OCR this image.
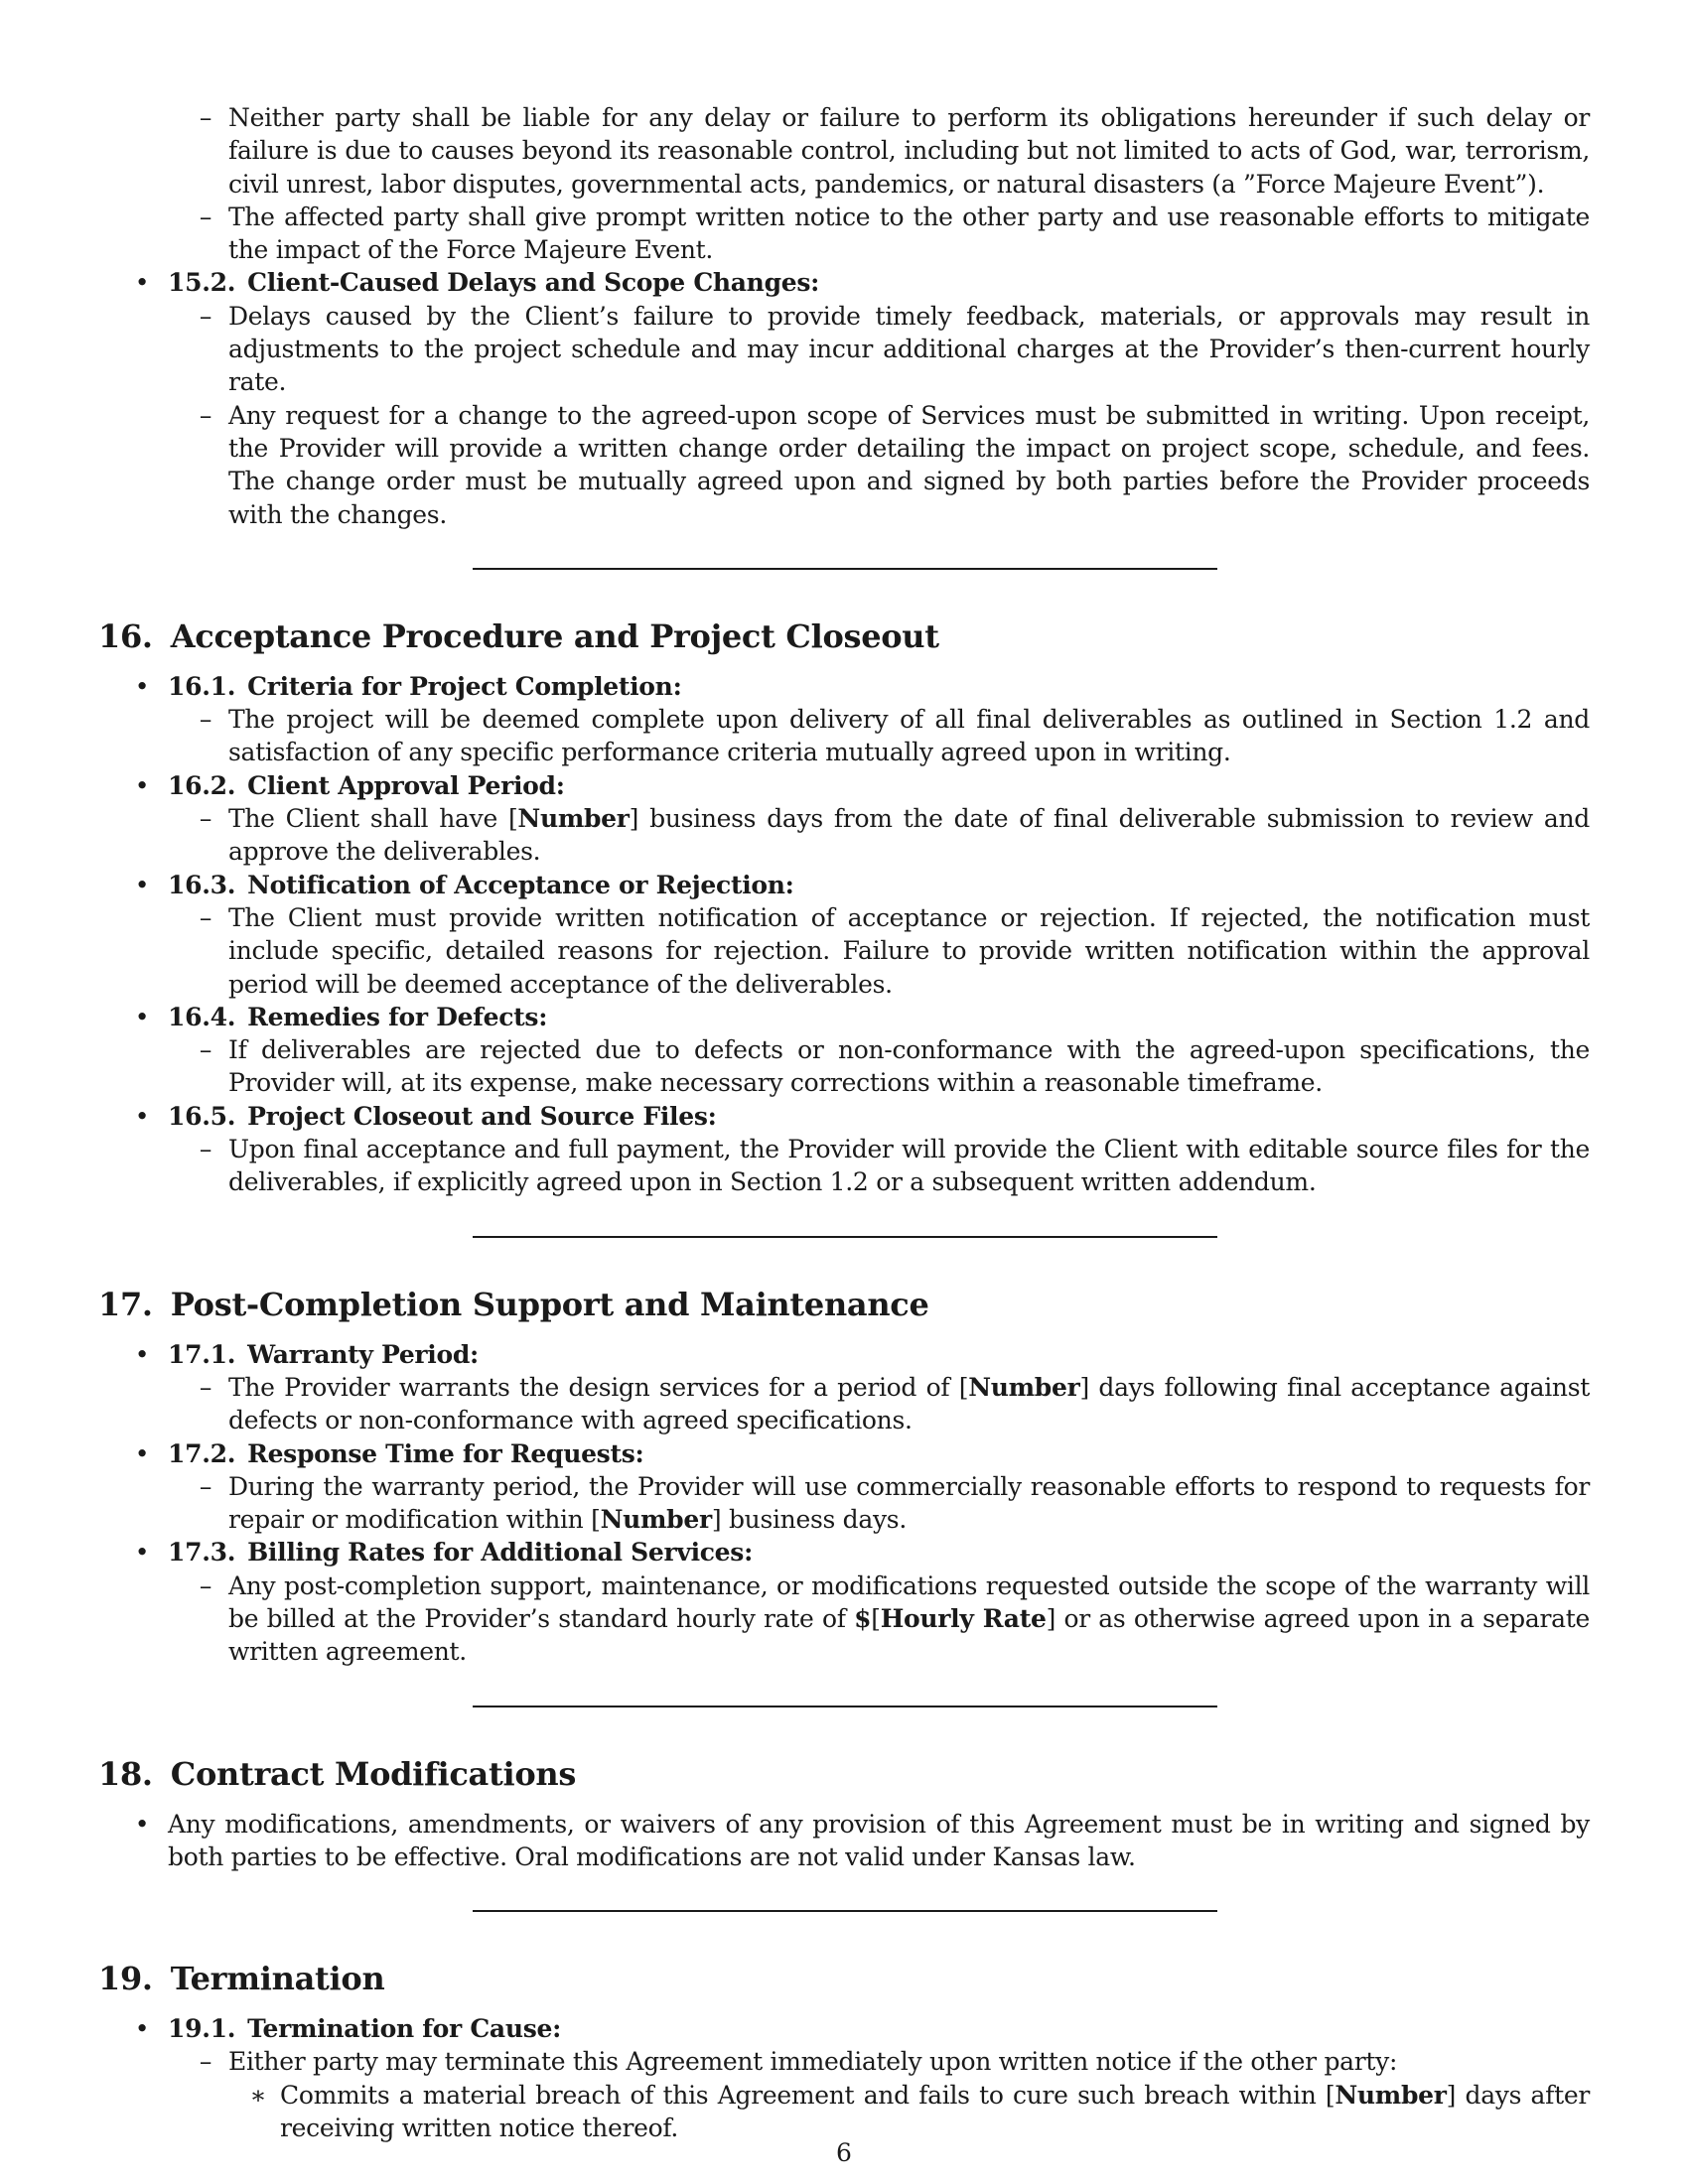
– Neither party shall be liable for any delay or failure to perform its obligations hereunder if such delay or failure is due to causes beyond its reasonable control, including but not limited to acts of God, war, terrorism, civil unrest, labor disputes, governmental acts, pandemics, or natural disasters (a ”Force Majeure Event”).
– The affected party shall give prompt written notice to the other party and use reasonable efforts to mitigate the impact of the Force Majeure Event.
• 15.2. Client-Caused Delays and Scope Changes:
– Delays caused by the Client’s failure to provide timely feedback, materials, or approvals may result in adjustments to the project schedule and may incur additional charges at the Provider’s then-current hourly rate.
– Any request for a change to the agreed-upon scope of Services must be submitted in writing. Upon receipt, the Provider will provide a written change order detailing the impact on project scope, schedule, and fees. The change order must be mutually agreed upon and signed by both parties before the Provider proceeds with the changes.
16. Acceptance Procedure and Project Closeout
• 16.1. Criteria for Project Completion:
– The project will be deemed complete upon delivery of all final deliverables as outlined in Section 1.2 and satisfaction of any specific performance criteria mutually agreed upon in writing.
• 16.2. Client Approval Period:
– The Client shall have [Number] business days from the date of final deliverable submission to review and approve the deliverables.
• 16.3. Notification of Acceptance or Rejection:
– The Client must provide written notification of acceptance or rejection. If rejected, the notification must include specific, detailed reasons for rejection. Failure to provide written notification within the approval period will be deemed acceptance of the deliverables.
• 16.4. Remedies for Defects:
– If deliverables are rejected due to defects or non-conformance with the agreed-upon specifications, the Provider will, at its expense, make necessary corrections within a reasonable timeframe.
• 16.5. Project Closeout and Source Files:
– Upon final acceptance and full payment, the Provider will provide the Client with editable source files for the deliverables, if explicitly agreed upon in Section 1.2 or a subsequent written addendum.
17. Post-Completion Support and Maintenance
• 17.1. Warranty Period:
– The Provider warrants the design services for a period of [Number] days following final acceptance against defects or non-conformance with agreed specifications.
• 17.2. Response Time for Requests:
– During the warranty period, the Provider will use commercially reasonable efforts to respond to requests for repair or modification within [Number] business days.
• 17.3. Billing Rates for Additional Services:
– Any post-completion support, maintenance, or modifications requested outside the scope of the warranty will be billed at the Provider’s standard hourly rate of $[Hourly Rate] or as otherwise agreed upon in a separate written agreement.
18. Contract Modifications
• Any modifications, amendments, or waivers of any provision of this Agreement must be in writing and signed by both parties to be effective. Oral modifications are not valid under Kansas law.
19. Termination
• 19.1. Termination for Cause:
– Either party may terminate this Agreement immediately upon written notice if the other party:
∗ Commits a material breach of this Agreement and fails to cure such breach within [Number] days after receiving written notice thereof.
6
